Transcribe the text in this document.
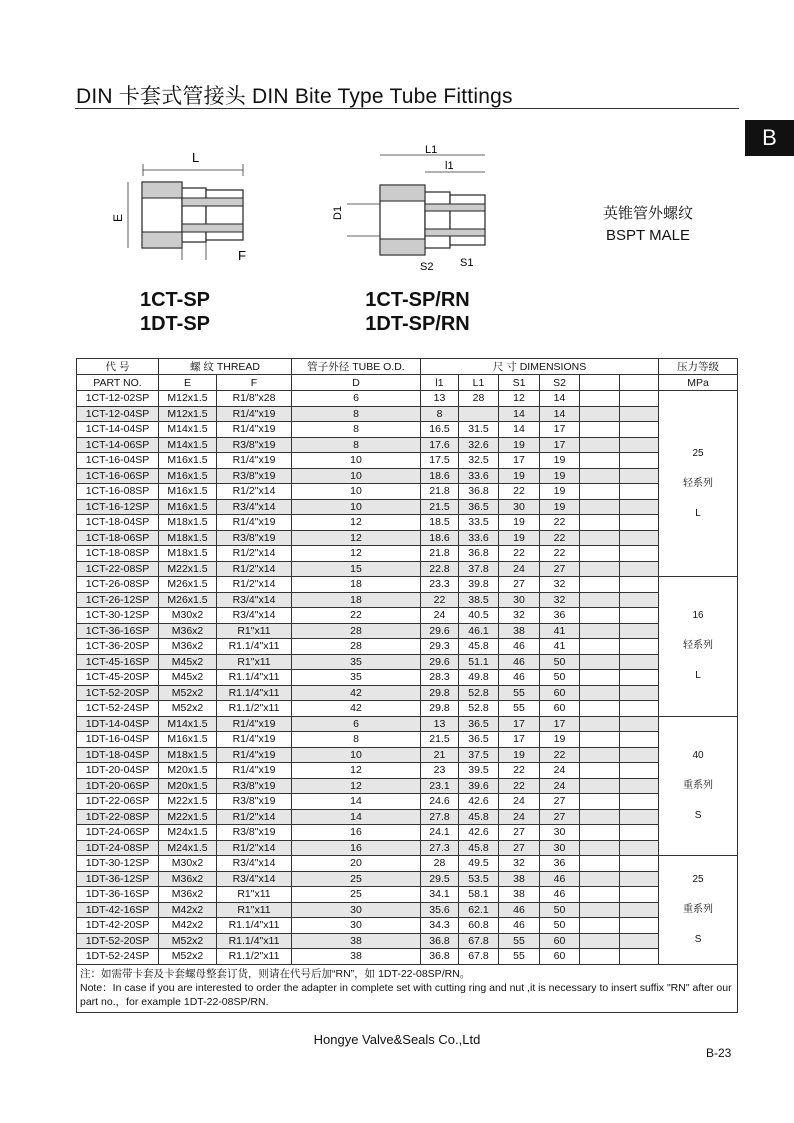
DIN 卡套式管接头 DIN Bite Type Tube Fittings
B
L
E
F
L1
l1
D1
S2 S1
英锥管外螺纹
BSPT MALE
1CT-SP
1DT-SP
1CT-SP/RN
1DT-SP/RN
代 号	螺 纹 THREAD		管子外径 TUBE O.D.	尺 寸 DIMENSIONS						压力等级
PART NO.	E	F	D	l1	L1	S1	S2			MPa
1CT-12-02SP	M12x1.5	R1/8"x28	6	13	28	12	14			25
轻系列
L

1CT-12-04SP	M12x1.5	R1/4"x19	8	8		14	14			
1CT-14-04SP	M14x1.5	R1/4"x19	8	16.5	31.5	14	17			
1CT-14-06SP	M14x1.5	R3/8"x19	8	17.6	32.6	19	17			
1CT-16-04SP	M16x1.5	R1/4"x19	10	17.5	32.5	17	19			
1CT-16-06SP	M16x1.5	R3/8"x19	10	18.6	33.6	19	19			
1CT-16-08SP	M16x1.5	R1/2"x14	10	21.8	36.8	22	19			
1CT-16-12SP	M16x1.5	R3/4"x14	10	21.5	36.5	30	19			
1CT-18-04SP	M18x1.5	R1/4"x19	12	18.5	33.5	19	22			
1CT-18-06SP	M18x1.5	R3/8"x19	12	18.6	33.6	19	22			
1CT-18-08SP	M18x1.5	R1/2"x14	12	21.8	36.8	22	22			
1CT-22-08SP	M22x1.5	R1/2"x14	15	22.8	37.8	24	27			
1CT-26-08SP	M26x1.5	R1/2"x14	18	23.3	39.8	27	32			16
轻系列
L

1CT-26-12SP	M26x1.5	R3/4"x14	18	22	38.5	30	32			
1CT-30-12SP	M30x2	R3/4"x14	22	24	40.5	32	36			
1CT-36-16SP	M36x2	R1"x11	28	29.6	46.1	38	41			
1CT-36-20SP	M36x2	R1.1/4"x11	28	29.3	45.8	46	41			
1CT-45-16SP	M45x2	R1"x11	35	29.6	51.1	46	50			
1CT-45-20SP	M45x2	R1.1/4"x11	35	28.3	49.8	46	50			
1CT-52-20SP	M52x2	R1.1/4"x11	42	29.8	52.8	55	60			
1CT-52-24SP	M52x2	R1.1/2"x11	42	29.8	52.8	55	60			
1DT-14-04SP	M14x1.5	R1/4"x19	6	13	36.5	17	17			40
重系列
S

1DT-16-04SP	M16x1.5	R1/4"x19	8	21.5	36.5	17	19			
1DT-18-04SP	M18x1.5	R1/4"x19	10	21	37.5	19	22			
1DT-20-04SP	M20x1.5	R1/4"x19	12	23	39.5	22	24			
1DT-20-06SP	M20x1.5	R3/8"x19	12	23.1	39.6	22	24			
1DT-22-06SP	M22x1.5	R3/8"x19	14	24.6	42.6	24	27			
1DT-22-08SP	M22x1.5	R1/2"x14	14	27.8	45.8	24	27			
1DT-24-06SP	M24x1.5	R3/8"x19	16	24.1	42.6	27	30			
1DT-24-08SP	M24x1.5	R1/2"x14	16	27.3	45.8	27	30			
1DT-30-12SP	M30x2	R3/4"x14	20	28	49.5	32	36			25
重系列
S

1DT-36-12SP	M36x2	R3/4"x14	25	29.5	53.5	38	46			
1DT-36-16SP	M36x2	R1"x11	25	34.1	58.1	38	46			
1DT-42-16SP	M42x2	R1"x11	30	35.6	62.1	46	50			
1DT-42-20SP	M42x2	R1.1/4"x11	30	34.3	60.8	46	50			
1DT-52-20SP	M52x2	R1.1/4"x11	38	36.8	67.8	55	60			
1DT-52-24SP	M52x2	R1.1/2"x11	38	36.8	67.8	55	60			

注：如需带卡套及卡套螺母整套订货，则请在代号后加“RN”，如 1DT-22-08SP/RN。
Note：In case if you are interested to order the adapter in complete set with cutting ring and nut ,it is necessary to insert suffix "RN" after our part no.，for example 1DT-22-08SP/RN.										
Hongye Valve&Seals Co.,Ltd
B-23
